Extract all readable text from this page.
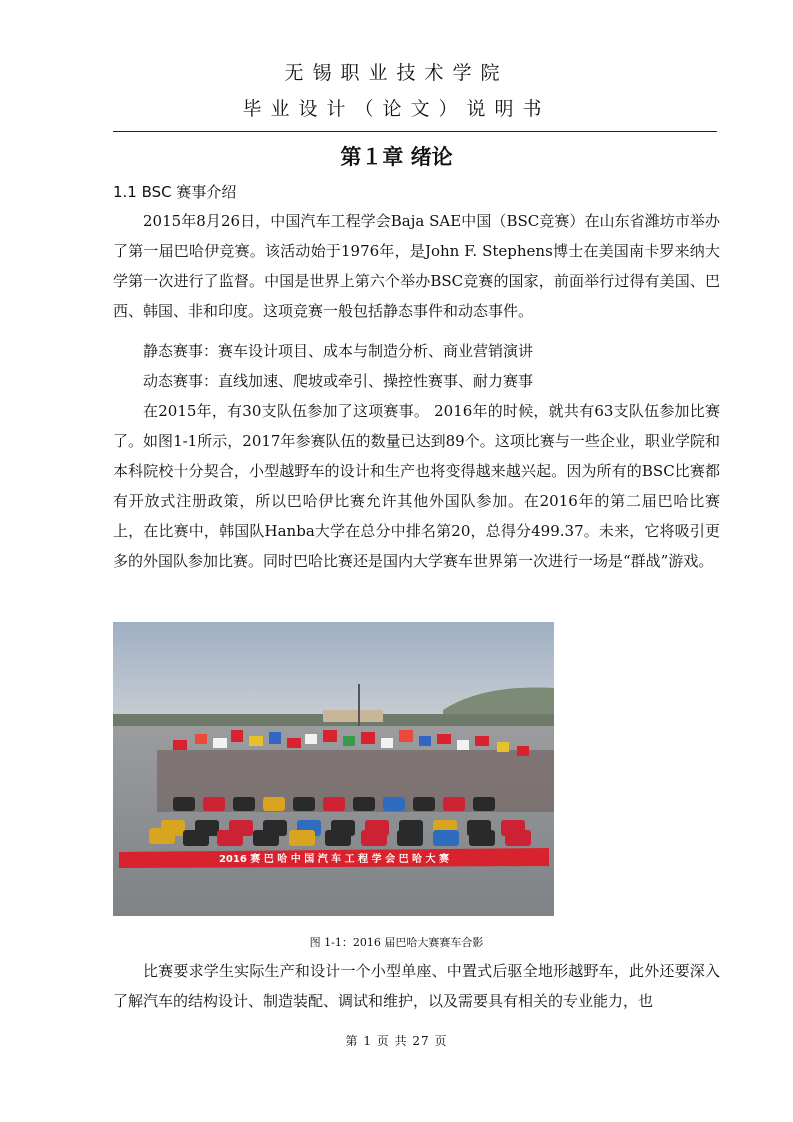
无锡职业技术学院
毕业设计（论文）说明书
第１章 绪论
1.1 BSC 赛事介绍

2015年8月26日，中国汽车工程学会Baja SAE中国（BSC竞赛）在山东省潍坊市举办了第一届巴哈伊竞赛。该活动始于1976年，是John F. Stephens博士在美国南卡罗来纳大学第一次进行了监督。中国是世界上第六个举办BSC竞赛的国家，前面举行过得有美国、巴西、韩国、非和印度。这项竞赛一般包括静态事件和动态事件。

静态赛事：赛车设计项目、成本与制造分析、商业营销演讲

动态赛事：直线加速、爬坡或牵引、操控性赛事、耐力赛事

在2015年，有30支队伍参加了这项赛事。 2016年的时候，就共有63支队伍参加比赛了。如图1-1所示，2017年参赛队伍的数量已达到89个。这项比赛与一些企业，职业学院和本科院校十分契合，小型越野车的设计和生产也将变得越来越兴起。因为所有的BSC比赛都有开放式注册政策，所以巴哈伊比赛允许其他外国队参加。在2016年的第二届巴哈比赛上，在比赛中，韩国队Hanba大学在总分中排名第20，总得分499.37。未来，它将吸引更多的外国队参加比赛。同时巴哈比赛还是国内大学赛车世界第一次进行一场是“群战”游戏。

2016 赛 巴 哈 中 国 汽 车 工 程 学 会 巴 哈 大 赛
图 1-1：2016 届巴哈大赛赛车合影

比赛要求学生实际生产和设计一个小型单座、中置式后驱全地形越野车，此外还要深入了解汽车的结构设计、制造装配、调试和维护，以及需要具有相关的专业能力，也

第 1 页 共 27 页
